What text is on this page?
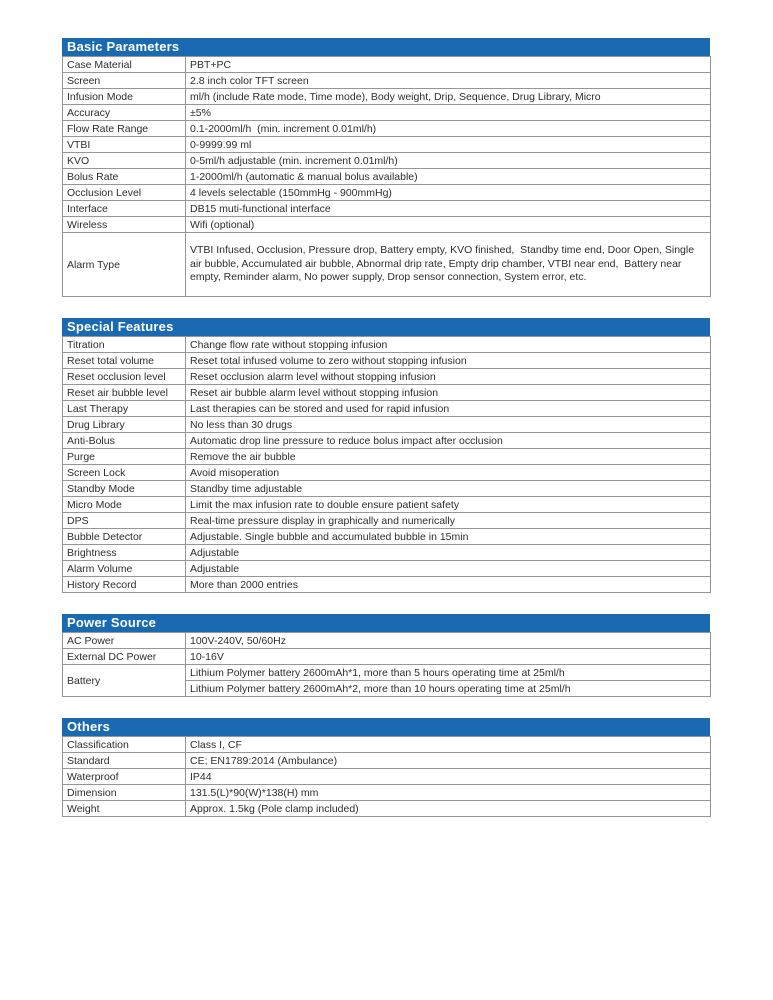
Basic Parameters
Case Material	PBT+PC
Screen	2.8 inch color TFT screen
Infusion Mode	ml/h (include Rate mode, Time mode), Body weight, Drip, Sequence, Drug Library, Micro
Accuracy	±5%
Flow Rate Range	0.1-2000ml/h  (min. increment 0.01ml/h)
VTBI	0-9999.99 ml
KVO	0-5ml/h adjustable (min. increment 0.01ml/h)
Bolus Rate	1-2000ml/h (automatic & manual bolus available)
Occlusion Level	4 levels selectable (150mmHg - 900mmHg)
Interface	DB15 muti-functional interface
Wireless	Wifi (optional)
Alarm Type	VTBI Infused, Occlusion, Pressure drop, Battery empty, KVO finished,  Standby time end, Door Open, Single air bubble, Accumulated air bubble, Abnormal drip rate, Empty drip chamber, VTBI near end,  Battery near empty, Reminder alarm, No power supply, Drop sensor connection, System error, etc.
Special Features
Titration	Change flow rate without stopping infusion
Reset total volume	Reset total infused volume to zero without stopping infusion
Reset occlusion level	Reset occlusion alarm level without stopping infusion
Reset air bubble level	Reset air bubble alarm level without stopping infusion
Last Therapy	Last therapies can be stored and used for rapid infusion
Drug Library	No less than 30 drugs
Anti-Bolus	Automatic drop line pressure to reduce bolus impact after occlusion
Purge	Remove the air bubble
Screen Lock	Avoid misoperation
Standby Mode	Standby time adjustable
Micro Mode	Limit the max infusion rate to double ensure patient safety
DPS	Real-time pressure display in graphically and numerically
Bubble Detector	Adjustable. Single bubble and accumulated bubble in 15min
Brightness	Adjustable
Alarm Volume	Adjustable
History Record	More than 2000 entries
Power Source
AC Power	100V-240V, 50/60Hz
External DC Power	10-16V
Battery	Lithium Polymer battery 2600mAh*1, more than 5 hours operating time at 25ml/h
	Lithium Polymer battery 2600mAh*2, more than 10 hours operating time at 25ml/h
Others
Classification	Class I, CF
Standard	CE; EN1789:2014 (Ambulance)
Waterproof	IP44
Dimension	131.5(L)*90(W)*138(H) mm
Weight	Approx. 1.5kg (Pole clamp included)
